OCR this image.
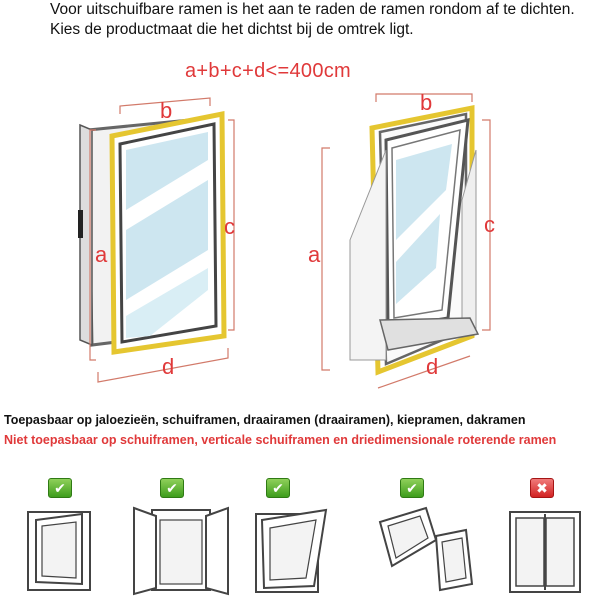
Voor uitschuifbare ramen is het aan te raden de ramen rondom af te dichten.
Kies de productmaat die het dichtst bij de omtrek ligt.
a+b+c+d<=400cm
b
a
c
d
b
a
c
d
Toepasbaar op jaloezieën, schuiframen, draairamen (draairamen), kiepramen, dakramen
Niet toepasbaar op schuiframen, verticale schuiframen en driedimensionale roterende ramen
✔	✔	✔	✔	✖
